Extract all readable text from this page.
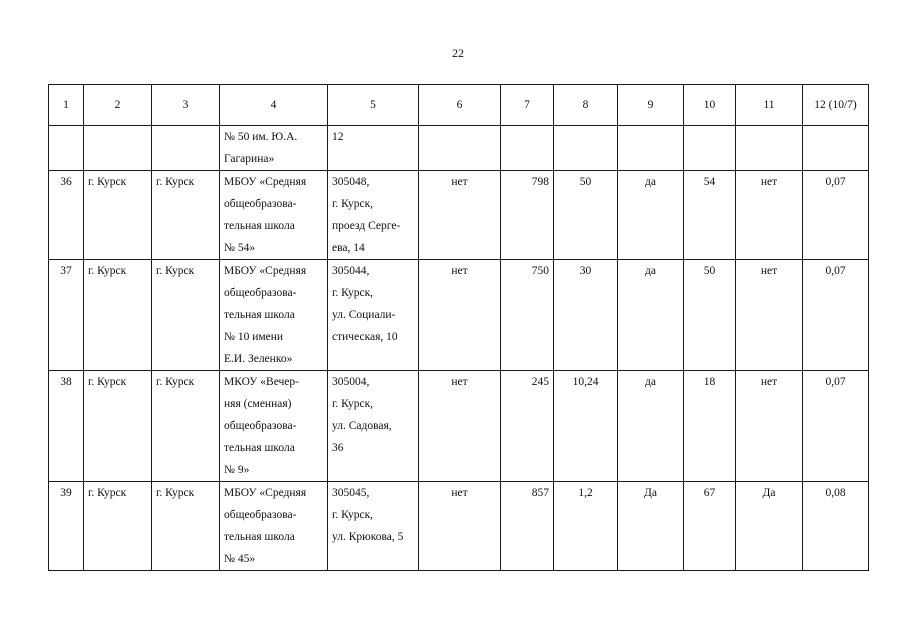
22
1	2	3	4	5	6	7	8	9	10	11	12 (10/7)

			№ 50 им. Ю.А.
Гагарина»	12							

36	г. Курск	г. Курск	МБОУ «Средняя
общеобразова-
тельная школа
№ 54»	305048,
г. Курск,
проезд Серге-
ева, 14	нет	798	50	да	54	нет	0,07
37	г. Курск	г. Курск	МБОУ «Средняя
общеобразова-
тельная школа
№ 10 имени
Е.И. Зеленко»	305044,
г. Курск,
ул. Социали-
стическая, 10	нет	750	30	да	50	нет	0,07
38	г. Курск	г. Курск	МКОУ «Вечер-
няя (сменная)
общеобразова-
тельная школа
№ 9»	305004,
г. Курск,
ул. Садовая,
36	нет	245	10,24	да	18	нет	0,07
39	г. Курск	г. Курск	МБОУ «Средняя
общеобразова-
тельная школа
№ 45»	305045,
г. Курск,
ул. Крюкова, 5	нет	857	1,2	Да	67	Да	0,08
